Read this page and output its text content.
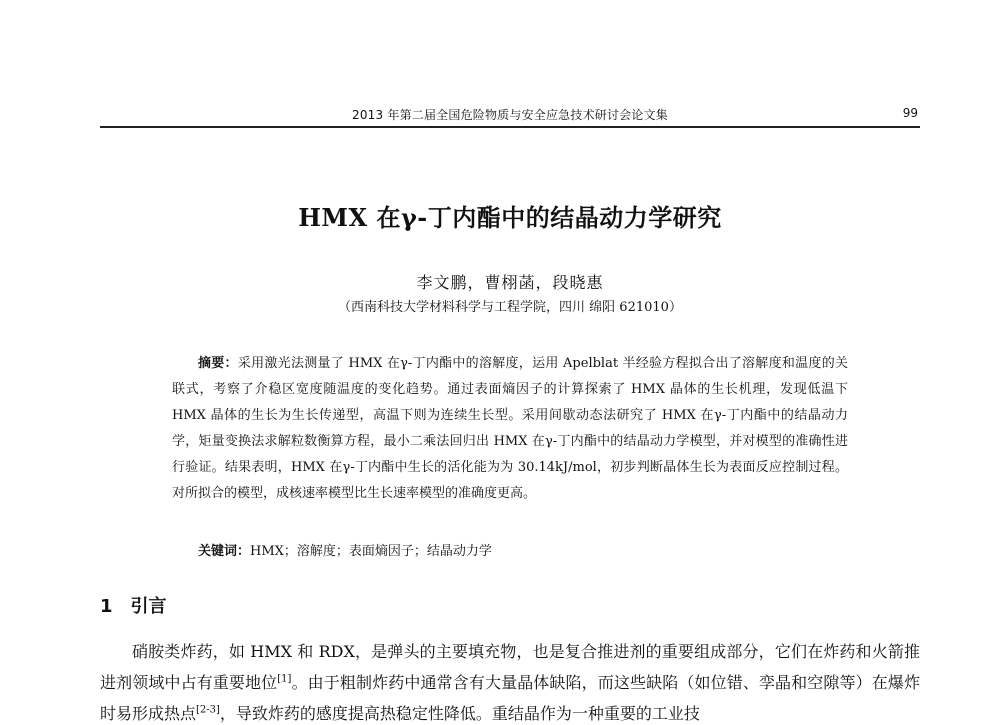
2013 年第二届全国危险物质与安全应急技术研讨会论文集	99
HMX 在γ-丁内酯中的结晶动力学研究
李文鹏，曹栩菡，段晓惠
（西南科技大学材料科学与工程学院，四川 绵阳 621010）
摘要：采用激光法测量了 HMX 在γ-丁内酯中的溶解度，运用 Apelblat 半经验方程拟合出了溶解度和温度的关联式，考察了介稳区宽度随温度的变化趋势。通过表面熵因子的计算探索了 HMX 晶体的生长机理，发现低温下 HMX 晶体的生长为生长传递型，高温下则为连续生长型。采用间歇动态法研究了 HMX 在γ-丁内酯中的结晶动力学，矩量变换法求解粒数衡算方程，最小二乘法回归出 HMX 在γ-丁内酯中的结晶动力学模型，并对模型的准确性进行验证。结果表明，HMX 在γ-丁内酯中生长的活化能为为 30.14kJ/mol，初步判断晶体生长为表面反应控制过程。对所拟合的模型，成核速率模型比生长速率模型的准确度更高。
关键词：HMX；溶解度；表面熵因子；结晶动力学
1 引言
硝胺类炸药，如 HMX 和 RDX，是弹头的主要填充物，也是复合推进剂的重要组成部分，它们在炸药和火箭推进剂领域中占有重要地位[1]。由于粗制炸药中通常含有大量晶体缺陷，而这些缺陷（如位错、孪晶和空隙等）在爆炸时易形成热点[2-3]，导致炸药的感度提高热稳定性降低。重结晶作为一种重要的工业技
